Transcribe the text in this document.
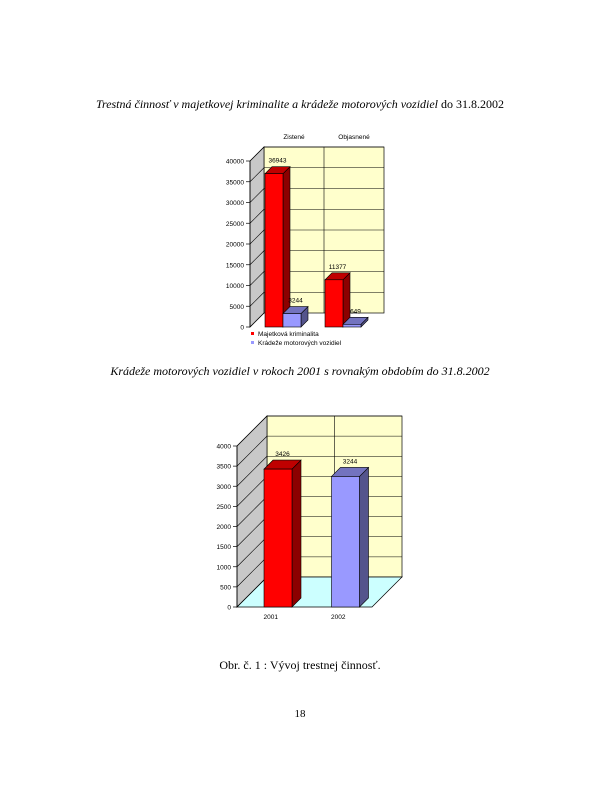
Trestná činnosť v majetkovej kriminalite a krádeže motorových vozidiel do 31.8.2002
0
5000
10000
15000
20000
25000
30000
35000
40000
Zistené	Objasnené
36943
3244
11377
649
Majetková kriminalita
Krádeže motorových vozidiel
Krádeže motorových vozidiel v rokoch 2001 s rovnakým obdobím do 31.8.2002
0
500
1000
1500
2000
2500
3000
3500
4000
2001	2002
3426
3244
Obr. č. 1 : Vývoj trestnej činnosť.
18
